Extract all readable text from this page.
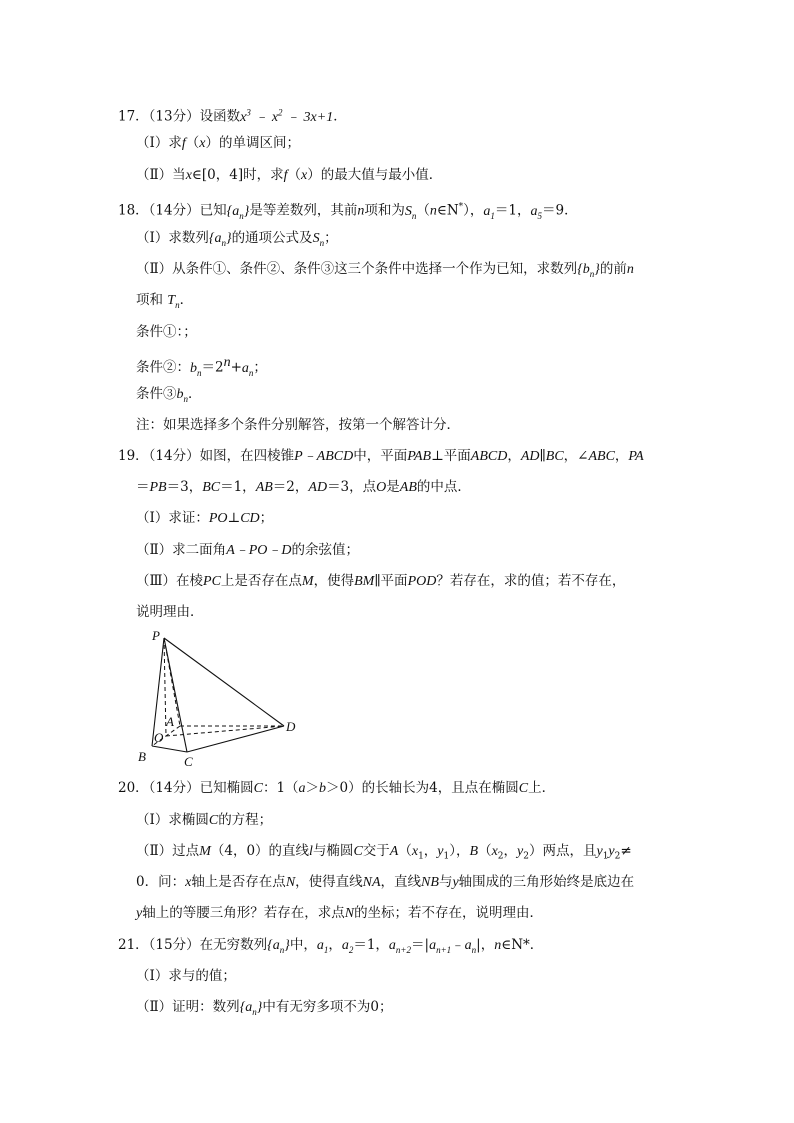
17．（13分）设函数$x^3$ ﹣ $x^2$ ﹣ 3x+1．
（Ⅰ）求f（x）的单调区间；
（Ⅱ）当x∈[0，4]时，求f（x）的最大值与最小值．
18．（14分）已知$\{a_n\}$是等差数列，其前n项和为$S_n(n\in N^*)$，$a_1=1$，$a_5=9$．
（Ⅰ）求数列$\{a_n\}$的通项公式及$S_n$；
（Ⅱ）从条件①、条件②、条件③这三个条件中选择一个作为已知，求数列$\{b_n\}$的前n
项和 $T_n$．
条件①：；
条件②：$b_n=2^n+a_n$；
条件$③b_n$．
注：如果选择多个条件分别解答，按第一个解答计分．
19．（14分）如图，在四棱锥P﹣ABCD中，平面PAB⊥平面ABCD，AD∥BC，∠ABC，PA
＝PB＝3，BC＝1，AB＝2，AD＝3，点O是AB的中点．
（Ⅰ）求证：PO⊥CD；
（Ⅱ）求二面角A﹣PO﹣D的余弦值；
（Ⅲ）在棱PC上是否存在点M，使得BM∥平面POD？若存在，求的值；若不存在，
说明理由．
P
A
O
B	C
D
20．（14分）已知椭圆C：1（a＞b＞0）的长轴长为4，且点在椭圆C上．
（Ⅰ）求椭圆C的方程；
（Ⅱ）过点M（4，0）的直线l与椭圆C交于$A(x_1$，$y_1$），$B(x_2$，$y_2$）两点，且$y_1y_2\ne$
0．问：x轴上是否存在点N，使得直线NA，直线NB与y轴围成的三角形始终是底边在
y轴上的等腰三角形？若存在，求点N的坐标；若不存在，说明理由．
21．（15分）在无穷数列$\{a_n\}$中，$a_1$，$a_2=1$，$a_{n+2}=|a_{n+1}﹣a_n|$，n∈N*．
（Ⅰ）求与的值；
（Ⅱ）证明：数列$\{a_n\}$中有无穷多项不为0；
